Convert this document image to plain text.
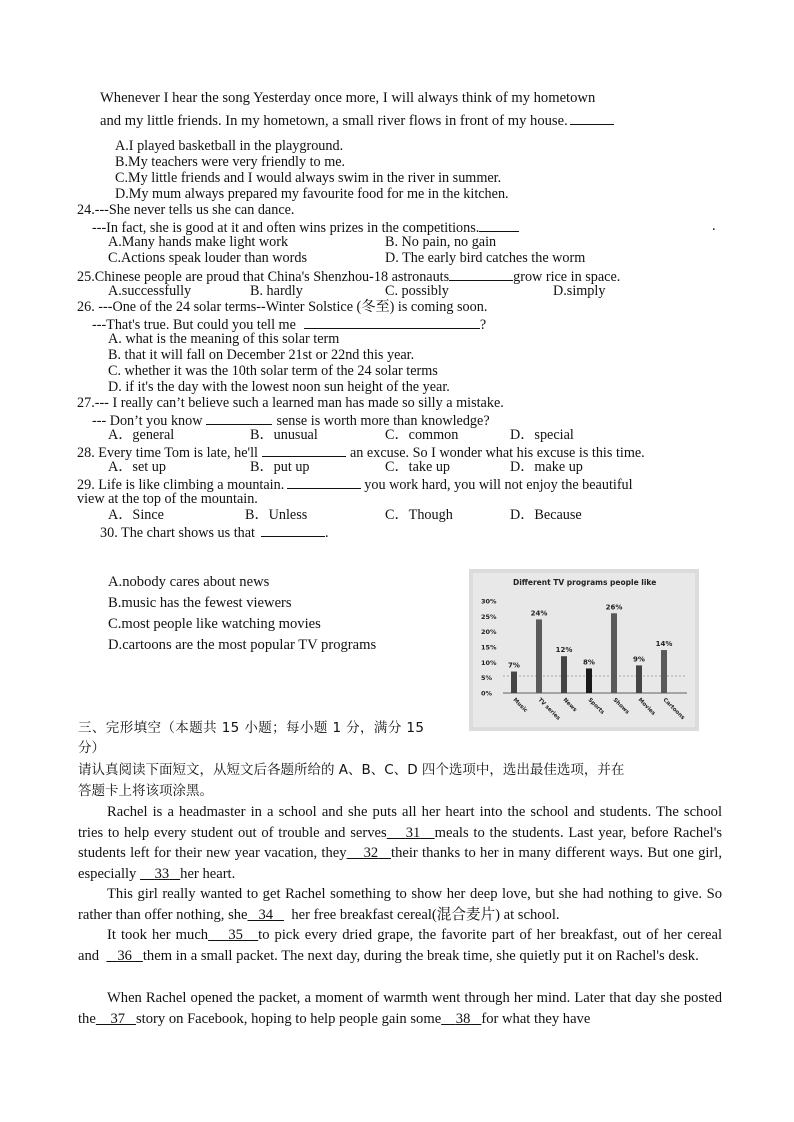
Whenever I hear the song Yesterday once more, I will always think of my hometown
and my little friends. In my hometown, a small river flows in front of my house.
A.I played basketball in the playground.
B.My teachers were very friendly to me.
C.My little friends and I would always swim in the river in summer.
D.My mum always prepared my favourite food for me in the kitchen.
24.---She never tells us she can dance.
---In fact, she is good at it and often wins prizes in the competitions.	.
A.Many hands make light work	B. No pain, no gain
C.Actions speak louder than words	D. The early bird catches the worm
25.Chinese people are proud that China's Shenzhou-18 astronauts	grow rice in space.
A.successfully	B. hardly	C. possibly	D.simply
26. ---One of the 24 solar terms--Winter Solstice (冬至) is coming soon.
---That's true. But could you tell me	?
A. what is the meaning of this solar term
B. that it will fall on December 21st or 22nd this year.
C. whether it was the 10th solar term of the 24 solar terms
D. if it's the day with the lowest noon sun height of the year.
27.--- I really can’t believe such a learned man has made so silly a mistake.
--- Don’t you know	sense is worth more than knowledge?
A．general	B．unusual	C．common	D．special
28. Every time Tom is late, he'll	an excuse. So I wonder what his excuse is this time.
A．set up	B．put up	C．take up	D．make up
29. Life is like climbing a mountain.	you work hard, you will not enjoy the beautiful
view at the top of the mountain.
A．Since	B．Unless	C．Though	D．Because
30. The chart shows us that	.
A.nobody cares about news
B.music has the fewest viewers
C.most people like watching movies
D.cartoons are the most popular TV programs
Different TV programs people like
30%
25%
20%
15%
10%
5%
0%
7%
Music
24%
TV series
12%
News
8%
Sports
26%
Shows
9%
Movies
14%
Cartoons
三、完形填空（本题共 15 小题；每小题 1 分，满分 15
分）
请认真阅读下面短文，从短文后各题所给的 A、B、C、D 四个选项中，选出最佳选项，并在
答题卡上将该项涂黑。
Rachel is a headmaster in a school and she puts all her heart into the school and students. The school tries to help every student out of trouble and serves 31 meals to the students. Last year, before Rachel's students left for their new year vacation, they 32 their thanks to her in many different ways. But one girl, especially 33 her heart.
This girl really wanted to get Rachel something to show her deep love, but she had nothing to give. So rather than offer nothing, she 34 her free breakfast cereal(混合麦片) at school.
It took her much 35 to pick every dried grape, the favorite part of her breakfast, out of her cereal and 36 them in a small packet. The next day, during the break time, she quietly put it on Rachel's desk.
When Rachel opened the packet, a moment of warmth went through her mind. Later that day she posted the 37 story on Facebook, hoping to help people gain some 38 for what they have
